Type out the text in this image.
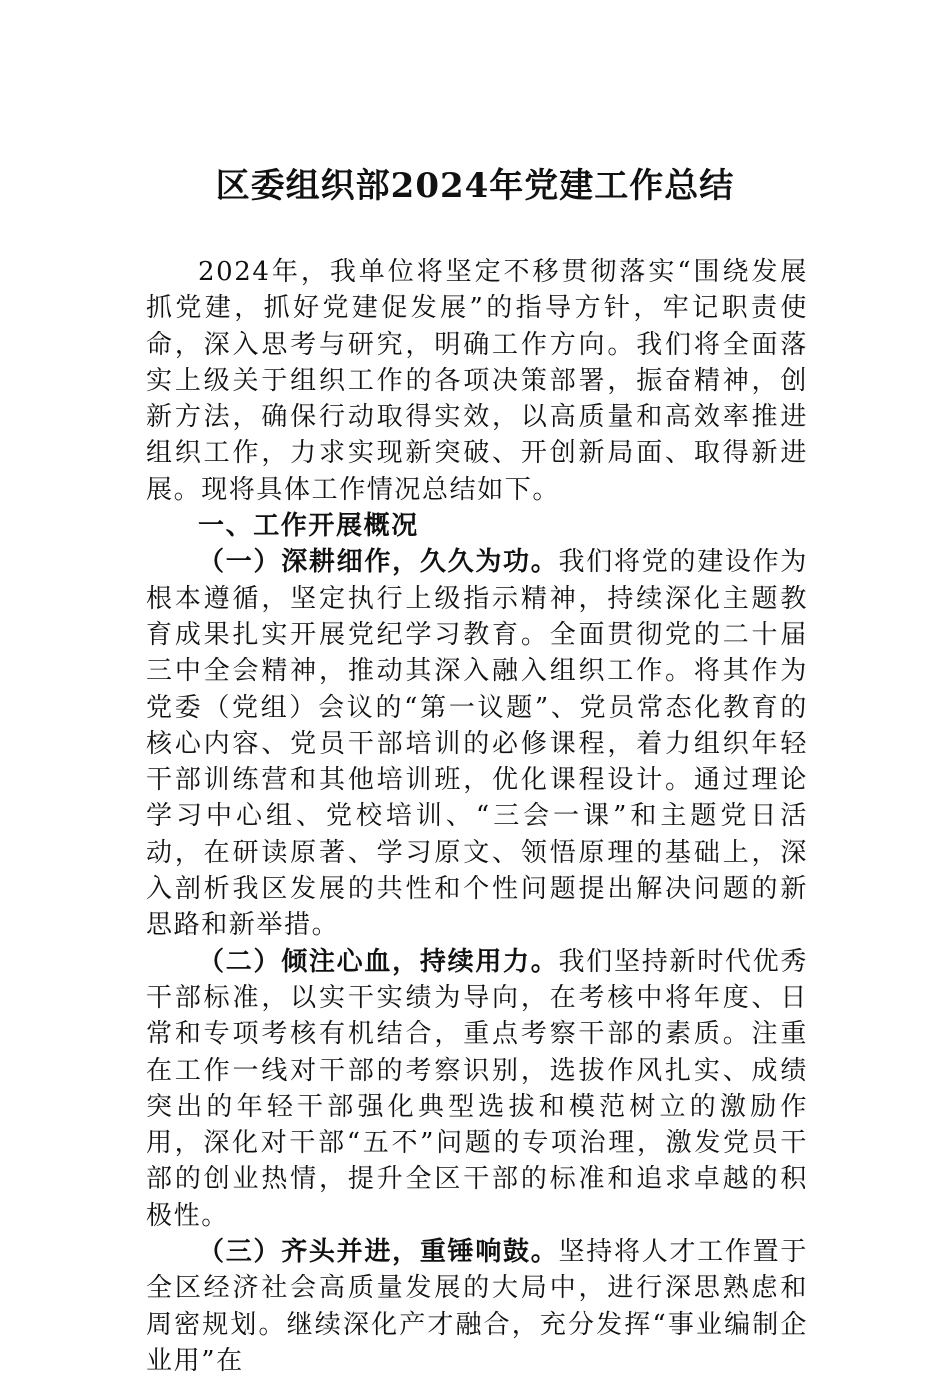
区委组织部2024年党建工作总结

2024年，我单位将坚定不移贯彻落实“围绕发展抓党建，抓好党建促发展”的指导方针，牢记职责使命，深入思考与研究，明确工作方向。我们将全面落实上级关于组织工作的各项决策部署，振奋精神，创新方法，确保行动取得实效，以高质量和高效率推进组织工作，力求实现新突破、开创新局面、取得新进展。现将具体工作情况总结如下。

一、工作开展概况

（一）深耕细作，久久为功。我们将党的建设作为根本遵循，坚定执行上级指示精神，持续深化主题教育成果扎实开展党纪学习教育。全面贯彻党的二十届三中全会精神，推动其深入融入组织工作。将其作为党委（党组）会议的“第一议题”、党员常态化教育的核心内容、党员干部培训的必修课程，着力组织年轻干部训练营和其他培训班，优化课程设计。通过理论学习中心组、党校培训、“三会一课”和主题党日活动，在研读原著、学习原文、领悟原理的基础上，深入剖析我区发展的共性和个性问题提出解决问题的新思路和新举措。

（二）倾注心血，持续用力。我们坚持新时代优秀干部标准，以实干实绩为导向，在考核中将年度、日常和专项考核有机结合，重点考察干部的素质。注重在工作一线对干部的考察识别，选拔作风扎实、成绩突出的年轻干部强化典型选拔和模范树立的激励作用，深化对干部“五不”问题的专项治理，激发党员干部的创业热情，提升全区干部的标准和追求卓越的积极性。

（三）齐头并进，重锤响鼓。坚持将人才工作置于全区经济社会高质量发展的大局中，进行深思熟虑和周密规划。继续深化产才融合，充分发挥“事业编制企业用”在
